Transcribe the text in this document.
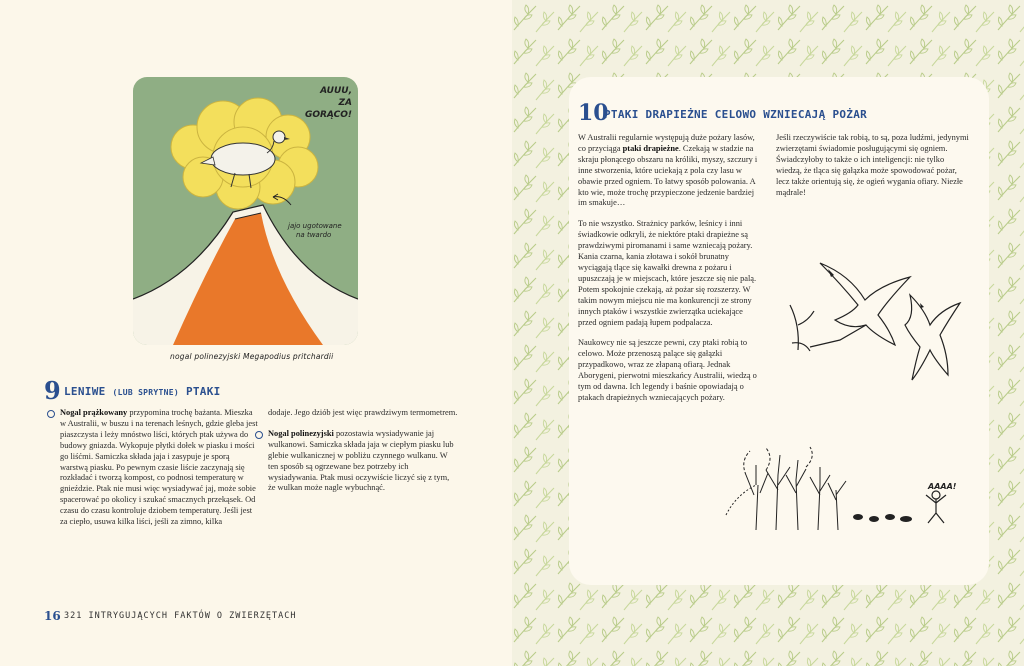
AUUU,
ZA GORĄCO!
jajo ugotowane
na twardo
nogal polinezyjski Megapodius pritchardii
9 LENIWE (LUB SPRYTNE) PTAKI
Nogal prążkowany przypomina trochę bażanta. Mieszka w Australii, w buszu i na terenach leśnych, gdzie gleba jest piaszczysta i leży mnóstwo liści, których ptak używa do budowy gniazda. Wykopuje płytki dołek w piasku i mości go liśćmi. Samiczka składa jaja i zasypuje je sporą warstwą piasku. Po pewnym czasie liście zaczynają się rozkładać i tworzą kompost, co podnosi temperaturę w gnieździe. Ptak nie musi więc wysiadywać jaj, może sobie spacerować po okolicy i szukać smacznych przekąsek. Od czasu do czasu kontroluje dziobem temperaturę. Jeśli jest za ciepło, usuwa kilka liści, jeśli za zimno, kilka

dodaje. Jego dziób jest więc prawdziwym termometrem.

Nogal polinezyjski pozostawia wysiadywanie jaj wulkanowi. Samiczka składa jaja w ciepłym piasku lub glebie wulkanicznej w pobliżu czynnego wulkanu. W ten sposób są ogrzewane bez potrzeby ich wysiadywania. Ptak musi oczywiście liczyć się z tym, że wulkan może nagle wybuchnąć.
10
PTAKI DRAPIEŻNE CELOWO WZNIECAJĄ POŻAR

W Australii regularnie występują duże pożary lasów, co przyciąga ptaki drapieżne. Czekają w stadzie na skraju płonącego obszaru na króliki, myszy, szczury i inne stworzenia, które uciekają z pola czy lasu w obawie przed ogniem. To łatwy sposób polowania. A kto wie, może trochę przypieczone jedzenie bardziej im smakuje…

To nie wszystko. Strażnicy parków, leśnicy i inni świadkowie odkryli, że niektóre ptaki drapieżne są prawdziwymi piromanami i same wzniecają pożary. Kania czarna, kania złotawa i sokół brunatny wyciągają tlące się kawałki drewna z pożaru i upuszczają je w miejscach, które jeszcze się nie palą. Potem spokojnie czekają, aż pożar się rozszerzy. W takim nowym miejscu nie ma konkurencji ze strony innych ptaków i wszystkie zwierzątka uciekające przed ogniem padają łupem podpalacza.

Naukowcy nie są jeszcze pewni, czy ptaki robią to celowo. Może przenoszą palące się gałązki przypadkowo, wraz ze złapaną ofiarą. Jednak Aborygeni, pierwotni mieszkańcy Australii, wiedzą o tym od dawna. Ich legendy i baśnie opowiadają o ptakach drapieżnych wzniecających pożary.

Jeśli rzeczywiście tak robią, to są, poza ludźmi, jedynymi zwierzętami świadomie posługującymi się ogniem. Świadczyłoby to także o ich inteligencji: nie tylko wiedzą, że tląca się gałązka może spowodować pożar, lecz także orientują się, że ogień wygania ofiary. Niezłe mądrale!

AAAA!
16 321 INTRYGUJĄCYCH FAKTÓW O ZWIERZĘTACH
